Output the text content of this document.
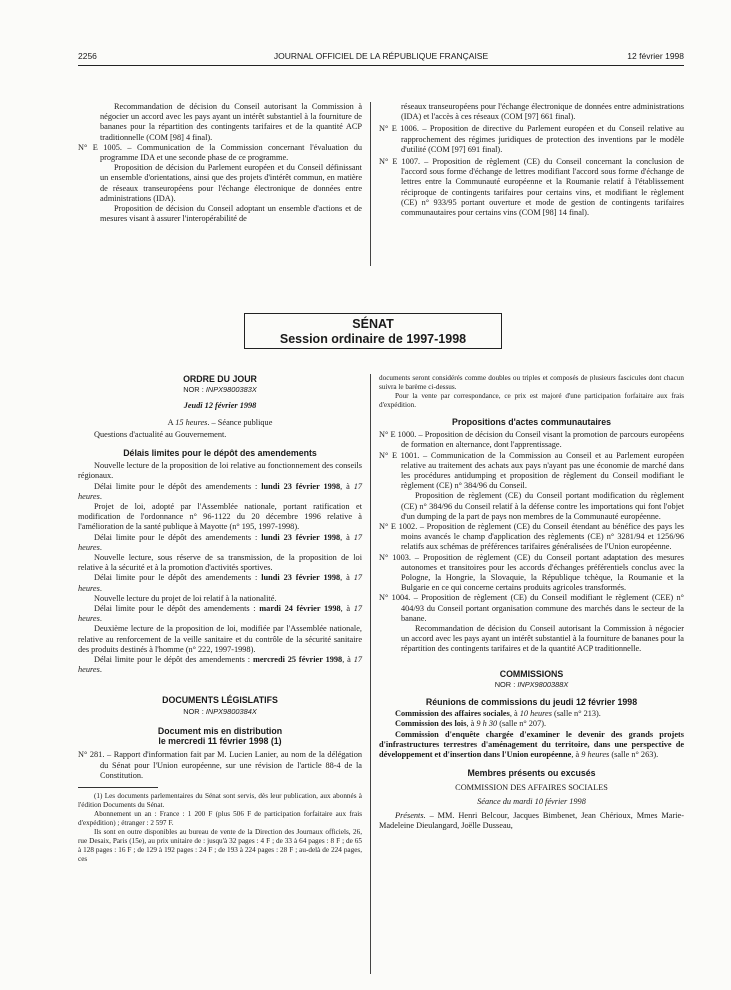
2256	JOURNAL OFFICIEL DE LA RÉPUBLIQUE FRANÇAISE	12 février 1998

Recommandation de décision du Conseil autorisant la Commission à négocier un accord avec les pays ayant un intérêt substantiel à la fourniture de bananes pour la répartition des contingents tarifaires et de la quantité ACP traditionnelle (COM [98] 4 final).

N° E 1005. – Communication de la Commission concernant l'évaluation du programme IDA et une seconde phase de ce programme.

Proposition de décision du Parlement européen et du Conseil définissant un ensemble d'orientations, ainsi que des projets d'intérêt commun, en matière de réseaux transeuropéens pour l'échange électronique de données entre administrations (IDA).

Proposition de décision du Conseil adoptant un ensemble d'actions et de mesures visant à assurer l'interopérabilité de

réseaux transeuropéens pour l'échange électronique de données entre administrations (IDA) et l'accès à ces réseaux (COM [97] 661 final).

N° E 1006. – Proposition de directive du Parlement européen et du Conseil relative au rapprochement des régimes juridiques de protection des inventions par le modèle d'utilité (COM [97] 691 final).

N° E 1007. – Proposition de règlement (CE) du Conseil concernant la conclusion de l'accord sous forme d'échange de lettres modifiant l'accord sous forme d'échange de lettres entre la Communauté européenne et la Roumanie relatif à l'établissement réciproque de contingents tarifaires pour certains vins, et modifiant le règlement (CE) n° 933/95 portant ouverture et mode de gestion de contingents tarifaires communautaires pour certains vins (COM [98] 14 final).

SÉNAT
Session ordinaire de 1997-1998
ORDRE DU JOUR
NOR : INPX9800383X

Jeudi 12 février 1998

A 15 heures. – Séance publique

Questions d'actualité au Gouvernement.

Délais limites pour le dépôt des amendements

Nouvelle lecture de la proposition de loi relative au fonctionnement des conseils régionaux.

Délai limite pour le dépôt des amendements : lundi 23 février 1998, à 17 heures.

Projet de loi, adopté par l'Assemblée nationale, portant ratification et modification de l'ordonnance n° 96-1122 du 20 décembre 1996 relative à l'amélioration de la santé publique à Mayotte (n° 195, 1997-1998).

Délai limite pour le dépôt des amendements : lundi 23 février 1998, à 17 heures.

Nouvelle lecture, sous réserve de sa transmission, de la proposition de loi relative à la sécurité et à la promotion d'activités sportives.

Délai limite pour le dépôt des amendements : lundi 23 février 1998, à 17 heures.

Nouvelle lecture du projet de loi relatif à la nationalité.

Délai limite pour le dépôt des amendements : mardi 24 février 1998, à 17 heures.

Deuxième lecture de la proposition de loi, modifiée par l'Assemblée nationale, relative au renforcement de la veille sanitaire et du contrôle de la sécurité sanitaire des produits destinés à l'homme (n° 222, 1997-1998).

Délai limite pour le dépôt des amendements : mercredi 25 février 1998, à 17 heures.

DOCUMENTS LÉGISLATIFS
NOR : INPX9800384X
Document mis en distribution
le mercredi 11 février 1998 (1)

N° 281. – Rapport d'information fait par M. Lucien Lanier, au nom de la délégation du Sénat pour l'Union européenne, sur une révision de l'article 88-4 de la Constitution.

(1) Les documents parlementaires du Sénat sont servis, dès leur publication, aux abonnés à l'édition Documents du Sénat.

Abonnement un an : France : 1 200 F (plus 506 F de participation forfaitaire aux frais d'expédition) ; étranger : 2 597 F.

Ils sont en outre disponibles au bureau de vente de la Direction des Journaux officiels, 26, rue Desaix, Paris (15e), au prix unitaire de : jusqu'à 32 pages : 4 F ; de 33 à 64 pages : 8 F ; de 65 à 128 pages : 16 F ; de 129 à 192 pages : 24 F ; de 193 à 224 pages : 28 F ; au-delà de 224 pages, ces

documents seront considérés comme doubles ou triples et composés de plusieurs fascicules dont chacun suivra le barème ci-dessus.

Pour la vente par correspondance, ce prix est majoré d'une participation forfaitaire aux frais d'expédition.

Propositions d'actes communautaires

N° E 1000. – Proposition de décision du Conseil visant la promotion de parcours européens de formation en alternance, dont l'apprentissage.

N° E 1001. – Communication de la Commission au Conseil et au Parlement européen relative au traitement des achats aux pays n'ayant pas une économie de marché dans les procédures antidumping et proposition de règlement du Conseil modifiant le règlement (CE) n° 384/96 du Conseil.

Proposition de règlement (CE) du Conseil portant modification du règlement (CE) n° 384/96 du Conseil relatif à la défense contre les importations qui font l'objet d'un dumping de la part de pays non membres de la Communauté européenne.

N° E 1002. – Proposition de règlement (CE) du Conseil étendant au bénéfice des pays les moins avancés le champ d'application des règlements (CE) n° 3281/94 et 1256/96 relatifs aux schémas de préférences tarifaires généralisées de l'Union européenne.

N° 1003. – Proposition de règlement (CE) du Conseil portant adaptation des mesures autonomes et transitoires pour les accords d'échanges préférentiels conclus avec la Pologne, la Hongrie, la Slovaquie, la République tchèque, la Roumanie et la Bulgarie en ce qui concerne certains produits agricoles transformés.

N° 1004. – Proposition de règlement (CE) du Conseil modifiant le règlement (CEE) n° 404/93 du Conseil portant organisation commune des marchés dans le secteur de la banane.

Recommandation de décision du Conseil autorisant la Commission à négocier un accord avec les pays ayant un intérêt substantiel à la fourniture de bananes pour la répartition des contingents tarifaires et de la quantité ACP traditionnelle.

COMMISSIONS
NOR : INPX9800388X
Réunions de commissions du jeudi 12 février 1998

Commission des affaires sociales, à 10 heures (salle n° 213).

Commission des lois, à 9 h 30 (salle n° 207).

Commission d'enquête chargée d'examiner le devenir des grands projets d'infrastructures terrestres d'aménagement du territoire, dans une perspective de développement et d'insertion dans l'Union européenne, à 9 heures (salle n° 263).

Membres présents ou excusés

COMMISSION DES AFFAIRES SOCIALES

Séance du mardi 10 février 1998

Présents. – MM. Henri Belcour, Jacques Bimbenet, Jean Chérioux, Mmes Marie-Madeleine Dieulangard, Joëlle Dusseau,
